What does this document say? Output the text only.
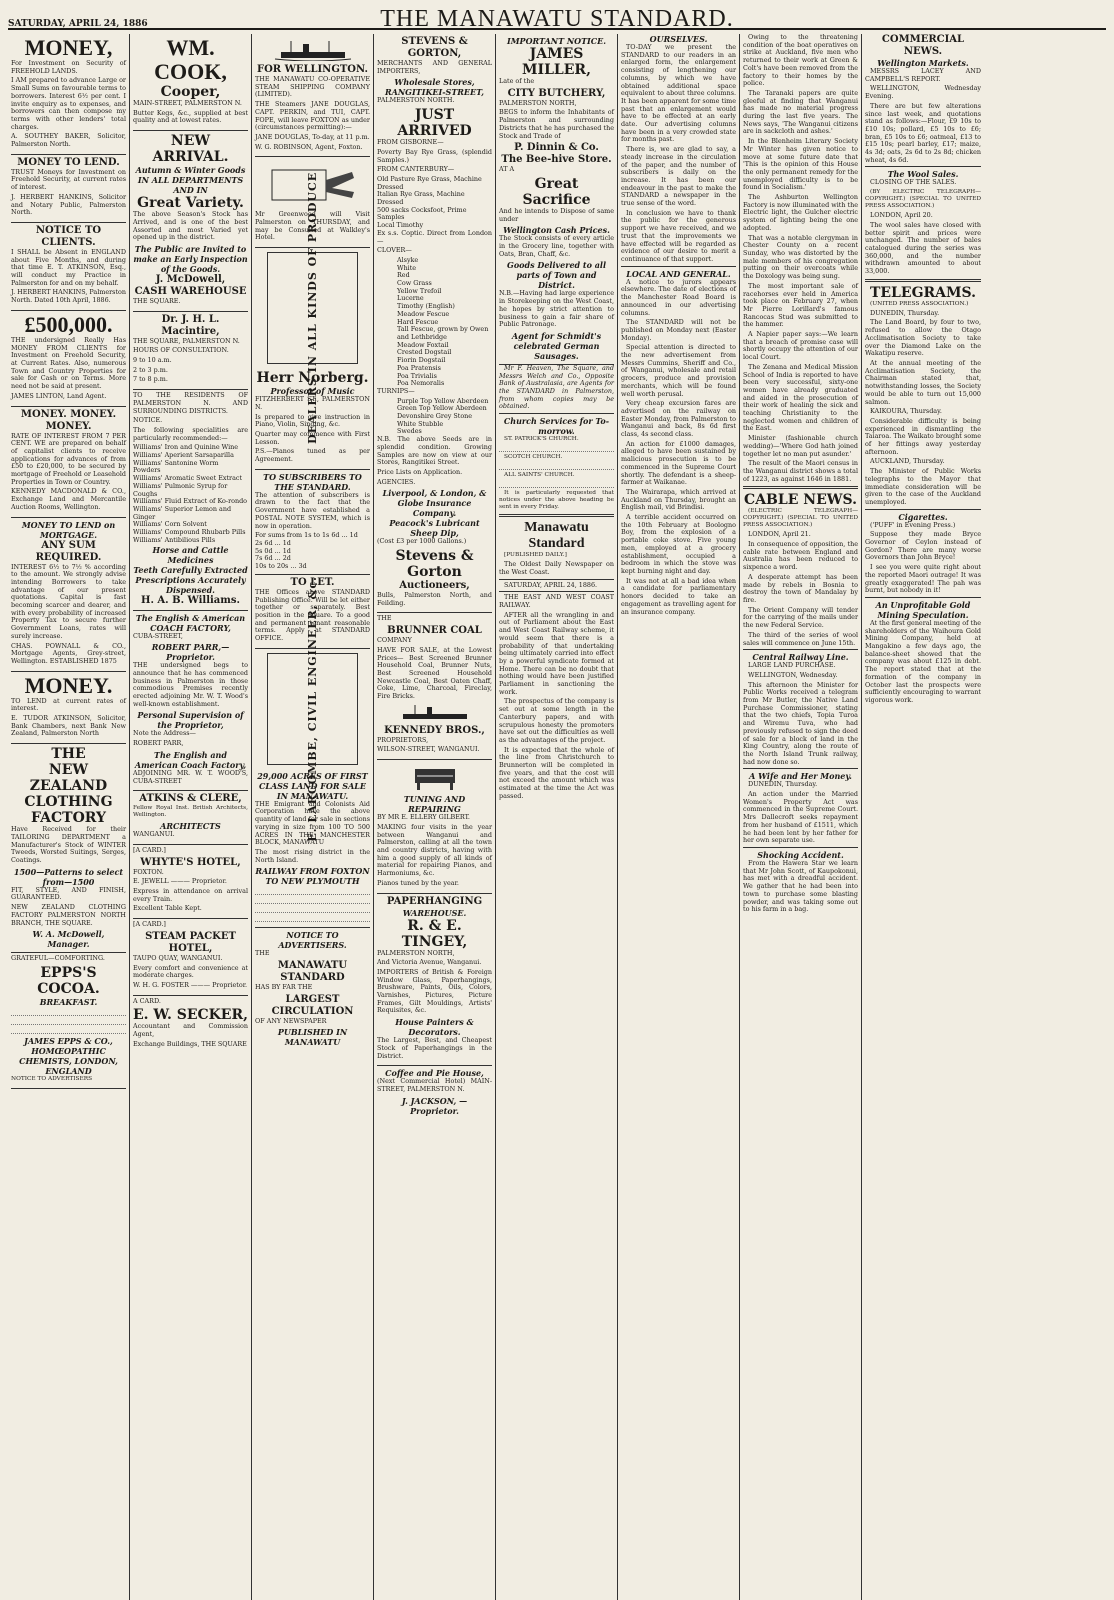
SATURDAY, APRIL 24, 1886	THE MANAWATU STANDARD.
MONEY,

For Investment on Security of FREEHOLD LANDS.

I AM prepared to advance Large or Small Sums on favourable terms to borrowers. Interest 6½ per cent. I invite enquiry as to expenses, and borrowers can then compose my terms with other lenders' total charges.

A. SOUTHEY BAKER, Solicitor, Palmerston North.

MONEY TO LEND.

TRUST Moneys for Investment on Freehold Security, at current rates of interest.

J. HERBERT HANKINS, Solicitor and Notary Public, Palmerston North.

NOTICE TO CLIENTS.

I SHALL be Absent in ENGLAND about Five Months, and during that time E. T. ATKINSON, Esq., will conduct my Practice in Palmerston for and on my behalf.

J. HERBERT HANKINS, Palmerston North. Dated 10th April, 1886.

£500,000.

THE undersigned Really Has MONEY FROM CLIENTS for Investment on Freehold Security, at Current Rates. Also, numerous Town and Country Properties for sale for Cash or on Terms. More need not be said at present.

JAMES LINTON, Land Agent.

MONEY. MONEY. MONEY.

RATE OF INTEREST FROM 7 PER CENT. WE are prepared on behalf of capitalist clients to receive applications for advances of from £50 to £20,000, to be secured by mortgage of Freehold or Leasehold Properties in Town or Country.

KENNEDY MACDONALD & CO., Exchange Land and Mercantile Auction Rooms, Wellington.

MONEY TO LEND on MORTGAGE.
ANY SUM REQUIRED.

INTEREST 6½ to 7½ % according to the amount. We strongly advise intending Borrowers to take advantage of our present quotations. Capital is fast becoming scarcer and dearer, and with every probability of increased Property Tax to secure further Government Loans, rates will surely increase.

CHAS. POWNALL & CO., Mortgage Agents, Grey-street, Wellington. ESTABLISHED 1875

MONEY.

TO LEND at current rates of interest.

E. TUDOR ATKINSON, Solicitor, Bank Chambers, next Bank New Zealand, Palmerston North

THE
NEW ZEALAND CLOTHING FACTORY

Have Received for their TAILORING DEPARTMENT a Manufacturer's Stock of WINTER Tweeds, Worsted Suitings, Serges, Coatings.

1500—Patterns to select from—1500

FIT, STYLE, AND FINISH, GUARANTEED.

NEW ZEALAND CLOTHING FACTORY PALMERSTON NORTH BRANCH, THE SQUARE.

W. A. McDowell, Manager.

GRATEFUL—COMFORTING.

EPPS'S COCOA.
BREAKFAST.
JAMES EPPS & CO., HOMŒOPATHIC CHEMISTS, LONDON, ENGLAND

NOTICE TO ADVERTISERS

WM. COOK,
Cooper,

MAIN-STREET, PALMERSTON N.

Butter Kegs, &c., supplied at best quality and at lowest rates.

NEW ARRIVAL.
Autumn & Winter Goods IN ALL DEPARTMENTS AND IN
Great Variety.

The above Season's Stock has Arrived, and is one of the best Assorted and most Varied yet opened up in the district.

The Public are Invited to make an Early Inspection of the Goods.
J. McDowell,
CASH WAREHOUSE

THE SQUARE.

Dr. J. H. L. Macintire,

THE SQUARE, PALMERSTON N.

HOURS OF CONSULTATION.

9 to 10 a.m.

2 to 3 p.m.

7 to 8 p.m.

TO THE RESIDENTS OF PALMERSTON N. AND SURROUNDING DISTRICTS.

NOTICE.

The following specialities are particularly recommended:—

Williams' Iron and Quinine Wine
Williams' Aperient Sarsaparilla
Williams' Santonine Worm Powders
Williams' Aromatic Sweet Extract
Williams' Pulmonic Syrup for Coughs
Williams' Fluid Extract of Ko-rondo
Williams' Superior Lemon and Ginger
Williams' Corn Solvent
Williams' Compound Rhubarb Pills
Williams' Antibilious Pills
Horse and Cattle Medicines
Teeth Carefully Extracted
Prescriptions Accurately Dispensed.
H. A. B. Williams.
The English & American COACH FACTORY,

CUBA-STREET,

ROBERT PARR,—Proprietor.

THE undersigned begs to announce that he has commenced business in Palmerston in those commodious Premises recently erected adjoining Mr. W. T. Wood's well-known establishment.

Personal Supervision of the Proprietor,

Note the Address—

ROBERT PARR,

The English and American Coach Factory,

ADJOINING MR. W. T. WOOD'S, CUBA-STREET

ATKINS & CLERE,

Fellow Royal Inst. British Architects, Wellington.

ARCHITECTS

WANGANUI.

[A CARD.]

WHYTE'S HOTEL,

FOXTON.

E. JEWELL ——— Proprietor.

Express in attendance on arrival every Train.

Excellent Table Kept.

[A CARD.]

STEAM PACKET HOTEL,

TAUPO QUAY, WANGANUI.

Every comfort and convenience at moderate charges.

W. H. G. FOSTER ——— Proprietor.

A CARD.

E. W. SECKER,

Accountant and Commission Agent,

Exchange Buildings, THE SQUARE

FOR WELLINGTON.

THE MANAWATU CO-OPERATIVE STEAM SHIPPING COMPANY (LIMITED).

THE Steamers JANE DOUGLAS, CAPT. PERKIN, and TUI, CAPT. FOPE, will leave FOXTON as under (circumstances permitting):—

JANE DOUGLAS, To-day, at 11 p.m.

W. G. ROBINSON, Agent, Foxton.

Mr Greenwood will Visit Palmerston on THURSDAY, and may be Consulted at Walkley's Hotel.	DEALERS IN ALL KINDS OF PRODUCE
Herr Norberg.
Professor of Music

FITZHERBERT ST., PALMERSTON N.

Is prepared to give instruction in Piano, Violin, Singing, &c.

Quarter may commence with First Lesson.

P.S.—Pianos tuned as per Agreement.

TO SUBSCRIBERS TO THE STANDARD.

The attention of subscribers is drawn to the fact that the Government have established a POSTAL NOTE SYSTEM, which is now in operation.

For sums from 1s to 1s 6d ... 1d
2s 6d ... 1d
5s 0d ... 1d
7s 6d ... 2d
10s to 20s ... 3d
TO LET.

THE Offices above STANDARD Publishing Office. Will be let either together or separately. Best position in the Square. To a good and permanent tenant reasonable terms. Apply at STANDARD OFFICE.	E. LARCOMBE, CIVIL ENGINEER, &c.
29,000 ACRES OF FIRST CLASS LAND FOR SALE IN MANAWATU.

THE Emigrant and Colonists Aid Corporation have the above quantity of land for sale in sections varying in size from 100 TO 500 ACRES IN THE MANCHESTER BLOCK, MANAWATU

The most rising district in the North Island.

RAILWAY FROM FOXTON TO NEW PLYMOUTH
NOTICE TO ADVERTISERS.

THE

MANAWATU STANDARD

HAS BY FAR THE

LARGEST CIRCULATION

OF ANY NEWSPAPER

PUBLISHED IN MANAWATU
STEVENS & GORTON,

MERCHANTS AND GENERAL IMPORTERS,

Wholesale Stores,
RANGITIKEI-STREET,

PALMERSTON NORTH.

JUST ARRIVED

FROM GISBORNE—

Poverty Bay Rye Grass, (splendid Samples.)

FROM CANTERBURY—

Old Pasture Rye Grass, Machine Dressed
Italian Rye Grass, Machine Dressed
500 sacks Cocksfoot, Prime Samples
Local Timothy

Ex s.s. Coptic. Direct from London—

CLOVER—

Alsyke
White
Red
Cow Grass
Yellow Trefoil
Lucerne
Timothy (English)
Meadow Fescue
Hard Fescue
Tall Fescue, grown by Owen and Lethbridge
Meadow Foxtail
Crested Dogstail
Fiorin Dogstail
Poa Pratensis
Poa Trivialis
Poa Nemoralis

TURNIPS—

Purple Top Yellow Aberdeen
Green Top Yellow Aberdeen
Devonshire Grey Stone
White Stubble
Swedes

N.B. The above Seeds are in splendid condition. Growing Samples are now on view at our Stores, Rangitikei Street.

Price Lists on Application.

AGENCIES.

Liverpool, & London, & Globe Insurance Company.
Peacock's Lubricant Sheep Dip,

(Cost £3 per 1000 Gallons.)

Stevens & Gorton
Auctioneers,

Bulls, Palmerston North, and Feilding.

THE

BRUNNER COAL

COMPANY

HAVE FOR SALE, at the Lowest Prices— Best Screened Brunner Household Coal, Brunner Nuts, Best Screened Household Newcastle Coal, Best Oaten Chaff, Coke, Lime, Charcoal, Fireclay, Fire Bricks.

KENNEDY BROS.,

PROPRIETORS,

WILSON-STREET, WANGANUI.

TUNING AND REPAIRING

BY MR E. ELLERY GILBERT.

MAKING four visits in the year between Wanganui and Palmerston, calling at all the town and country districts, having with him a good supply of all kinds of material for repairing Pianos, and Harmoniums, &c.

Pianos tuned by the year.

PAPERHANGING
WAREHOUSE.
R. & E. TINGEY,

PALMERSTON NORTH,

And Victoria Avenue, Wanganui.

IMPORTERS of British & Foreign Window Glass, Paperhangings, Brushware, Paints, Oils, Colors, Varnishes, Pictures, Picture Frames, Gilt Mouldings, Artists' Requisites, &c.

House Painters & Decorators.

The Largest, Best, and Cheapest Stock of Paperhangings in the District.

Coffee and Pie House,

(Next Commercial Hotel) MAIN-STREET, PALMERSTON N.

J. JACKSON, — Proprietor.
IMPORTANT NOTICE.
JAMES MILLER,

Late of the

CITY BUTCHERY,

PALMERSTON NORTH,

BEGS to inform the Inhabitants of Palmerston and surrounding Districts that he has purchased the Stock and Trade of

P. Dinnin & Co.
The Bee-hive Store.

AT A

Great Sacrifice

And he intends to Dispose of same under

Wellington Cash Prices.

The Stock consists of every article in the Grocery line, together with Oats, Bran, Chaff, &c.

Goods Delivered to all parts of Town and District.

N.B.—Having had large experience in Storekeeping on the West Coast, he hopes by strict attention to business to gain a fair share of Public Patronage.

Agent for Schmidt's celebrated German Sausages.

Mr F. Heaven, The Square, and Messrs Welch and Co., Opposite Bank of Australasia, are Agents for the STANDARD in Palmerston, from whom copies may be obtained.

Church Services for To-morrow.

ST. PATRICK'S CHURCH.

SCOTCH CHURCH.

ALL SAINTS' CHURCH.

It is particularly requested that notices under the above heading be sent in every Friday.

Manawatu Standard

[PUBLISHED DAILY.]

The Oldest Daily Newspaper on the West Coast.

SATURDAY, APRIL 24, 1886.

THE EAST AND WEST COAST RAILWAY.

AFTER all the wrangling in and out of Parliament about the East and West Coast Railway scheme, it would seem that there is a probability of that undertaking being ultimately carried into effect by a powerful syndicate formed at Home. There can be no doubt that nothing would have been justified Parliament in sanctioning the work.

The prospectus of the company is set out at some length in the Canterbury papers, and with scrupulous honesty the promoters have set out the difficulties as well as the advantages of the project.

It is expected that the whole of the line from Christchurch to Brunnerton will be completed in five years, and that the cost will not exceed the amount which was estimated at the time the Act was passed.

OURSELVES.

TO-DAY we present the STANDARD to our readers in an enlarged form, the enlargement consisting of lengthening our columns, by which we have obtained additional space equivalent to about three columns. It has been apparent for some time past that an enlargement would have to be effected at an early date. Our advertising columns have been in a very crowded state for months past.

There is, we are glad to say, a steady increase in the circulation of the paper, and the number of subscribers is daily on the increase. It has been our endeavour in the past to make the STANDARD a newspaper in the true sense of the word.

In conclusion we have to thank the public for the generous support we have received, and we trust that the improvements we have effected will be regarded as evidence of our desire to merit a continuance of that support.

LOCAL AND GENERAL.

A notice to jurors appears elsewhere. The date of elections of the Manchester Road Board is announced in our advertising columns.

The STANDARD will not be published on Monday next (Easter Monday).

Special attention is directed to the new advertisement from Messrs Cummins, Sheriff and Co., of Wanganui, wholesale and retail grocers, produce and provision merchants, which will be found well worth perusal.

Very cheap excursion fares are advertised on the railway on Easter Monday, from Palmerston to Wanganui and back, 8s 6d first class, 4s second class.

An action for £1000 damages, alleged to have been sustained by malicious prosecution is to be commenced in the Supreme Court shortly. The defendant is a sheep-farmer at Waikanae.

The Wairarapa, which arrived at Auckland on Thursday, brought an English mail, vid Brindisi.

A terrible accident occurred on the 10th February at Boologno Boy, from the explosion of a portable coke stove. Five young men, employed at a grocery establishment, occupied a bedroom in which the stove was kept burning night and day.

It was not at all a bad idea when a candidate for parliamentary honors decided to take an engagement as travelling agent for an insurance company.

Owing to the threatening condition of the boat operatives on strike at Auckland, five men who returned to their work at Green & Colt's have been removed from the factory to their homes by the police.

The Taranaki papers are quite gleeful at finding that Wanganui has made no material progress during the last five years. The News says, 'The Wanganui citizens are in sackcloth and ashes.'

In the Blenheim Literary Society Mr Winter has given notice to move at some future date that 'This is the opinion of this House the only permanent remedy for the unemployed difficulty is to be found in Socialism.'

The Ashburton Wellington Factory is now illuminated with the Electric light, the Gulcher electric system of lighting being the one adopted.

That was a notable clergyman in Chester County on a recent Sunday, who was distorted by the male members of his congregation putting on their overcoats while the Doxology was being sung.

The most important sale of racehorses ever held in America took place on February 27, when Mr Pierre Lorillard's famous Rancocas Stud was submitted to the hammer.

A Napier paper says:—We learn that a breach of promise case will shortly occupy the attention of our local Court.

The Zenana and Medical Mission School of India is reported to have been very successful, sixty-one women have already graduated and aided in the prosecution of their work of healing the sick and teaching Christianity to the neglected women and children of the East.

Minister (fashionable church wedding)—'Where God hath joined together let no man put asunder.'

The result of the Maori census in the Wanganui district shows a total of 1223, as against 1646 in 1881.

CABLE NEWS.

(ELECTRIC TELEGRAPH—COPYRIGHT.) (SPECIAL TO UNITED PRESS ASSOCIATION.)

LONDON, April 21.

In consequence of opposition, the cable rate between England and Australia has been reduced to sixpence a word.

A desperate attempt has been made by rebels in Bosnia to destroy the town of Mandalay by fire.

The Orient Company will tender for the carrying of the mails under the new Federal Service.

The third of the series of wool sales will commence on June 15th.

Central Railway Line.

LARGE LAND PURCHASE.

WELLINGTON, Wednesday.

This afternoon the Minister for Public Works received a telegram from Mr Butler, the Native Land Purchase Commissioner, stating that the two chiefs, Topia Turoa and Wiremu Tuva, who had previously refused to sign the deed of sale for a block of land in the King Country, along the route of the North Island Trunk railway, had now done so.

A Wife and Her Money.

DUNEDIN, Thursday.

An action under the Married Women's Property Act was commenced in the Supreme Court. Mrs Dallecroft seeks repayment from her husband of £1511, which he had been lent by her father for her own separate use.

Shocking Accident.

From the Hawera Star we learn that Mr John Scott, of Kaupokonui, has met with a dreadful accident. We gather that he had been into town to purchase some blasting powder, and was taking some out to his farm in a bag.

COMMERCIAL NEWS.
Wellington Markets.

MESSRS LACEY AND CAMPBELL'S REPORT.

WELLINGTON, Wednesday Evening.

There are but few alterations since last week, and quotations stand as follows:—Flour, £9 10s to £10 10s; pollard, £5 10s to £6; bran, £5 10s to £6; oatmeal, £13 to £15 10s; pearl barley, £17; maize, 4s 3d; oats, 2s 6d to 2s 8d; chicken wheat, 4s 6d.

The Wool Sales.

CLOSING OF THE SALES.

(BY ELECTRIC TELEGRAPH—COPYRIGHT.) (SPECIAL TO UNITED PRESS ASSOCIATION.)

LONDON, April 20.

The wool sales have closed with better spirit and prices were unchanged. The number of bales catalogued during the series was 360,000, and the number withdrawn amounted to about 33,000.

TELEGRAMS.

(UNITED PRESS ASSOCIATION.)

DUNEDIN, Thursday.

The Land Board, by four to two, refused to allow the Otago Acclimatisation Society to take over the Diamond Lake on the Wakatipu reserve.

At the annual meeting of the Acclimatisation Society, the Chairman stated that, notwithstanding losses, the Society would be able to turn out 15,000 salmon.

KAIKOURA, Thursday.

Considerable difficulty is being experienced in dismantling the Taiaroa. The Waikato brought some of her fittings away yesterday afternoon.

AUCKLAND, Thursday.

The Minister of Public Works telegraphs to the Mayor that immediate consideration will be given to the case of the Auckland unemployed.

Cigarettes.

('PUFF' in Evening Press.)

Suppose they made Bryce Governor of Ceylon instead of Gordon? There are many worse Governors than John Bryce!

I see you were quite right about the reported Maori outrage! It was greatly exaggerated! The pah was burnt, but nobody in it!

An Unprofitable Gold Mining Speculation.

At the first general meeting of the shareholders of the Waihoura Gold Mining Company, held at Mangakino a few days ago, the balance-sheet showed that the company was about £125 in debt. The report stated that at the formation of the company in October last the prospects were sufficiently encouraging to warrant vigorous work.
